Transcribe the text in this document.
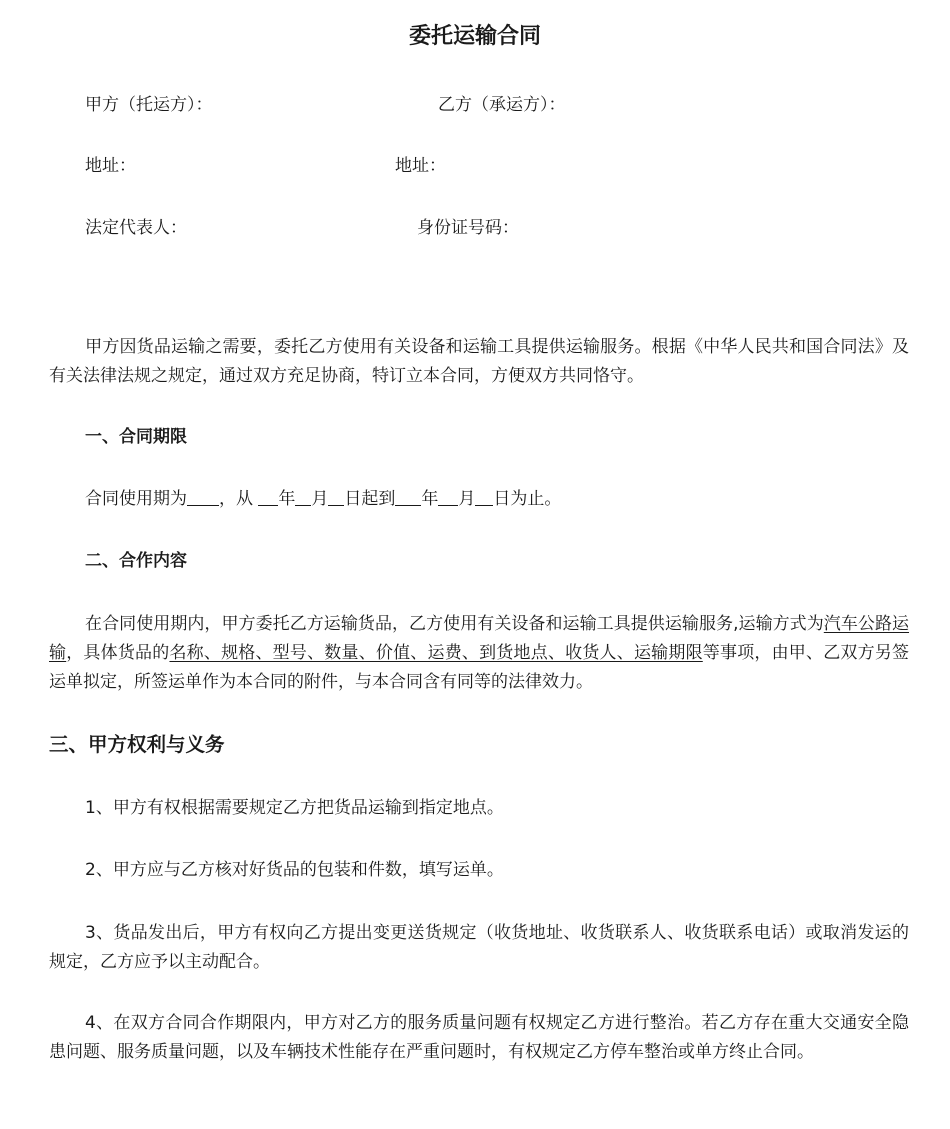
委托运输合同
甲方（托运方）：	乙方（承运方）：
地址：	地址：
法定代表人：	身份证号码：
甲方因货品运输之需要，委托乙方使用有关设备和运输工具提供运输服务。根据《中华人民共和国合同法》及有关法律法规之规定，通过双方充足协商，特订立本合同，方便双方共同恪守。
一、合同期限
合同使用期为 ，从 年 月 日起到 年 月 日为止。
二、合作内容
在合同使用期内，甲方委托乙方运输货品，乙方使用有关设备和运输工具提供运输服务,运输方式为汽车公路运输，具体货品的名称、规格、型号、数量、价值、运费、到货地点、收货人、运输期限等事项，由甲、乙双方另签运单拟定，所签运单作为本合同的附件，与本合同含有同等的法律效力。
三、甲方权利与义务
1、甲方有权根据需要规定乙方把货品运输到指定地点。
2、甲方应与乙方核对好货品的包装和件数，填写运单。
3、货品发出后，甲方有权向乙方提出变更送货规定（收货地址、收货联系人、收货联系电话）或取消发运的规定，乙方应予以主动配合。
4、在双方合同合作期限内，甲方对乙方的服务质量问题有权规定乙方进行整治。若乙方存在重大交通安全隐患问题、服务质量问题，以及车辆技术性能存在严重问题时，有权规定乙方停车整治或单方终止合同。
